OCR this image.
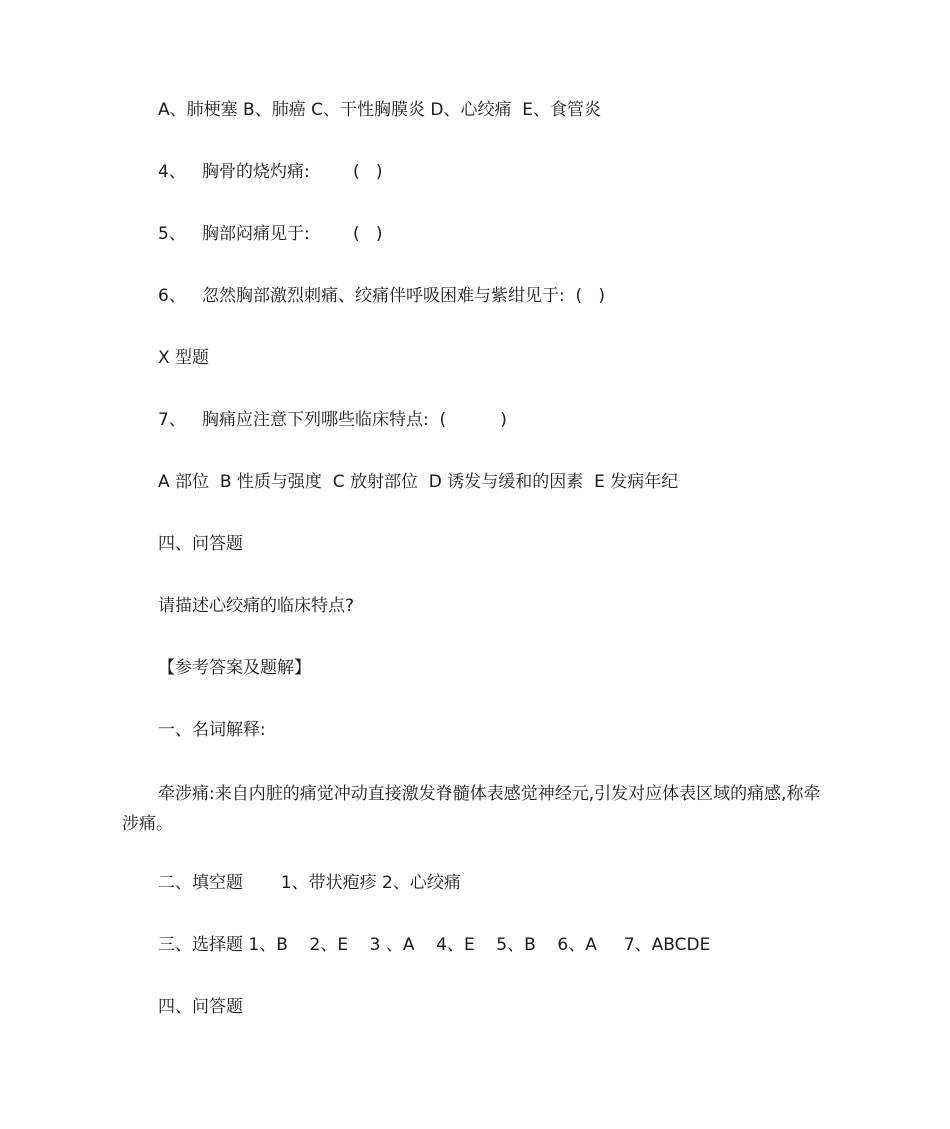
A、肺梗塞 B、肺癌 C、干性胸膜炎 D、心绞痛  E、食管炎
4、   胸骨的烧灼痛:        (   )
5、   胸部闷痛见于:        (   )
6、   忽然胸部激烈刺痛、绞痛伴呼吸困难与紫绀见于:  (   )
X 型题
7、   胸痛应注意下列哪些临床特点:  (          )
A 部位  B 性质与强度  C 放射部位  D 诱发与缓和的因素  E 发病年纪
四、问答题
请描述心绞痛的临床特点?
【参考答案及题解】
一、名词解释:
牵涉痛:来自内脏的痛觉冲动直接激发脊髓体表感觉神经元,引发对应体表区域的痛感,称牵涉痛。
二、填空题       1、带状疱疹 2、心绞痛
三、选择题 1、B    2、E    3 、A    4、E    5、B    6、A     7、ABCDE
四、问答题
